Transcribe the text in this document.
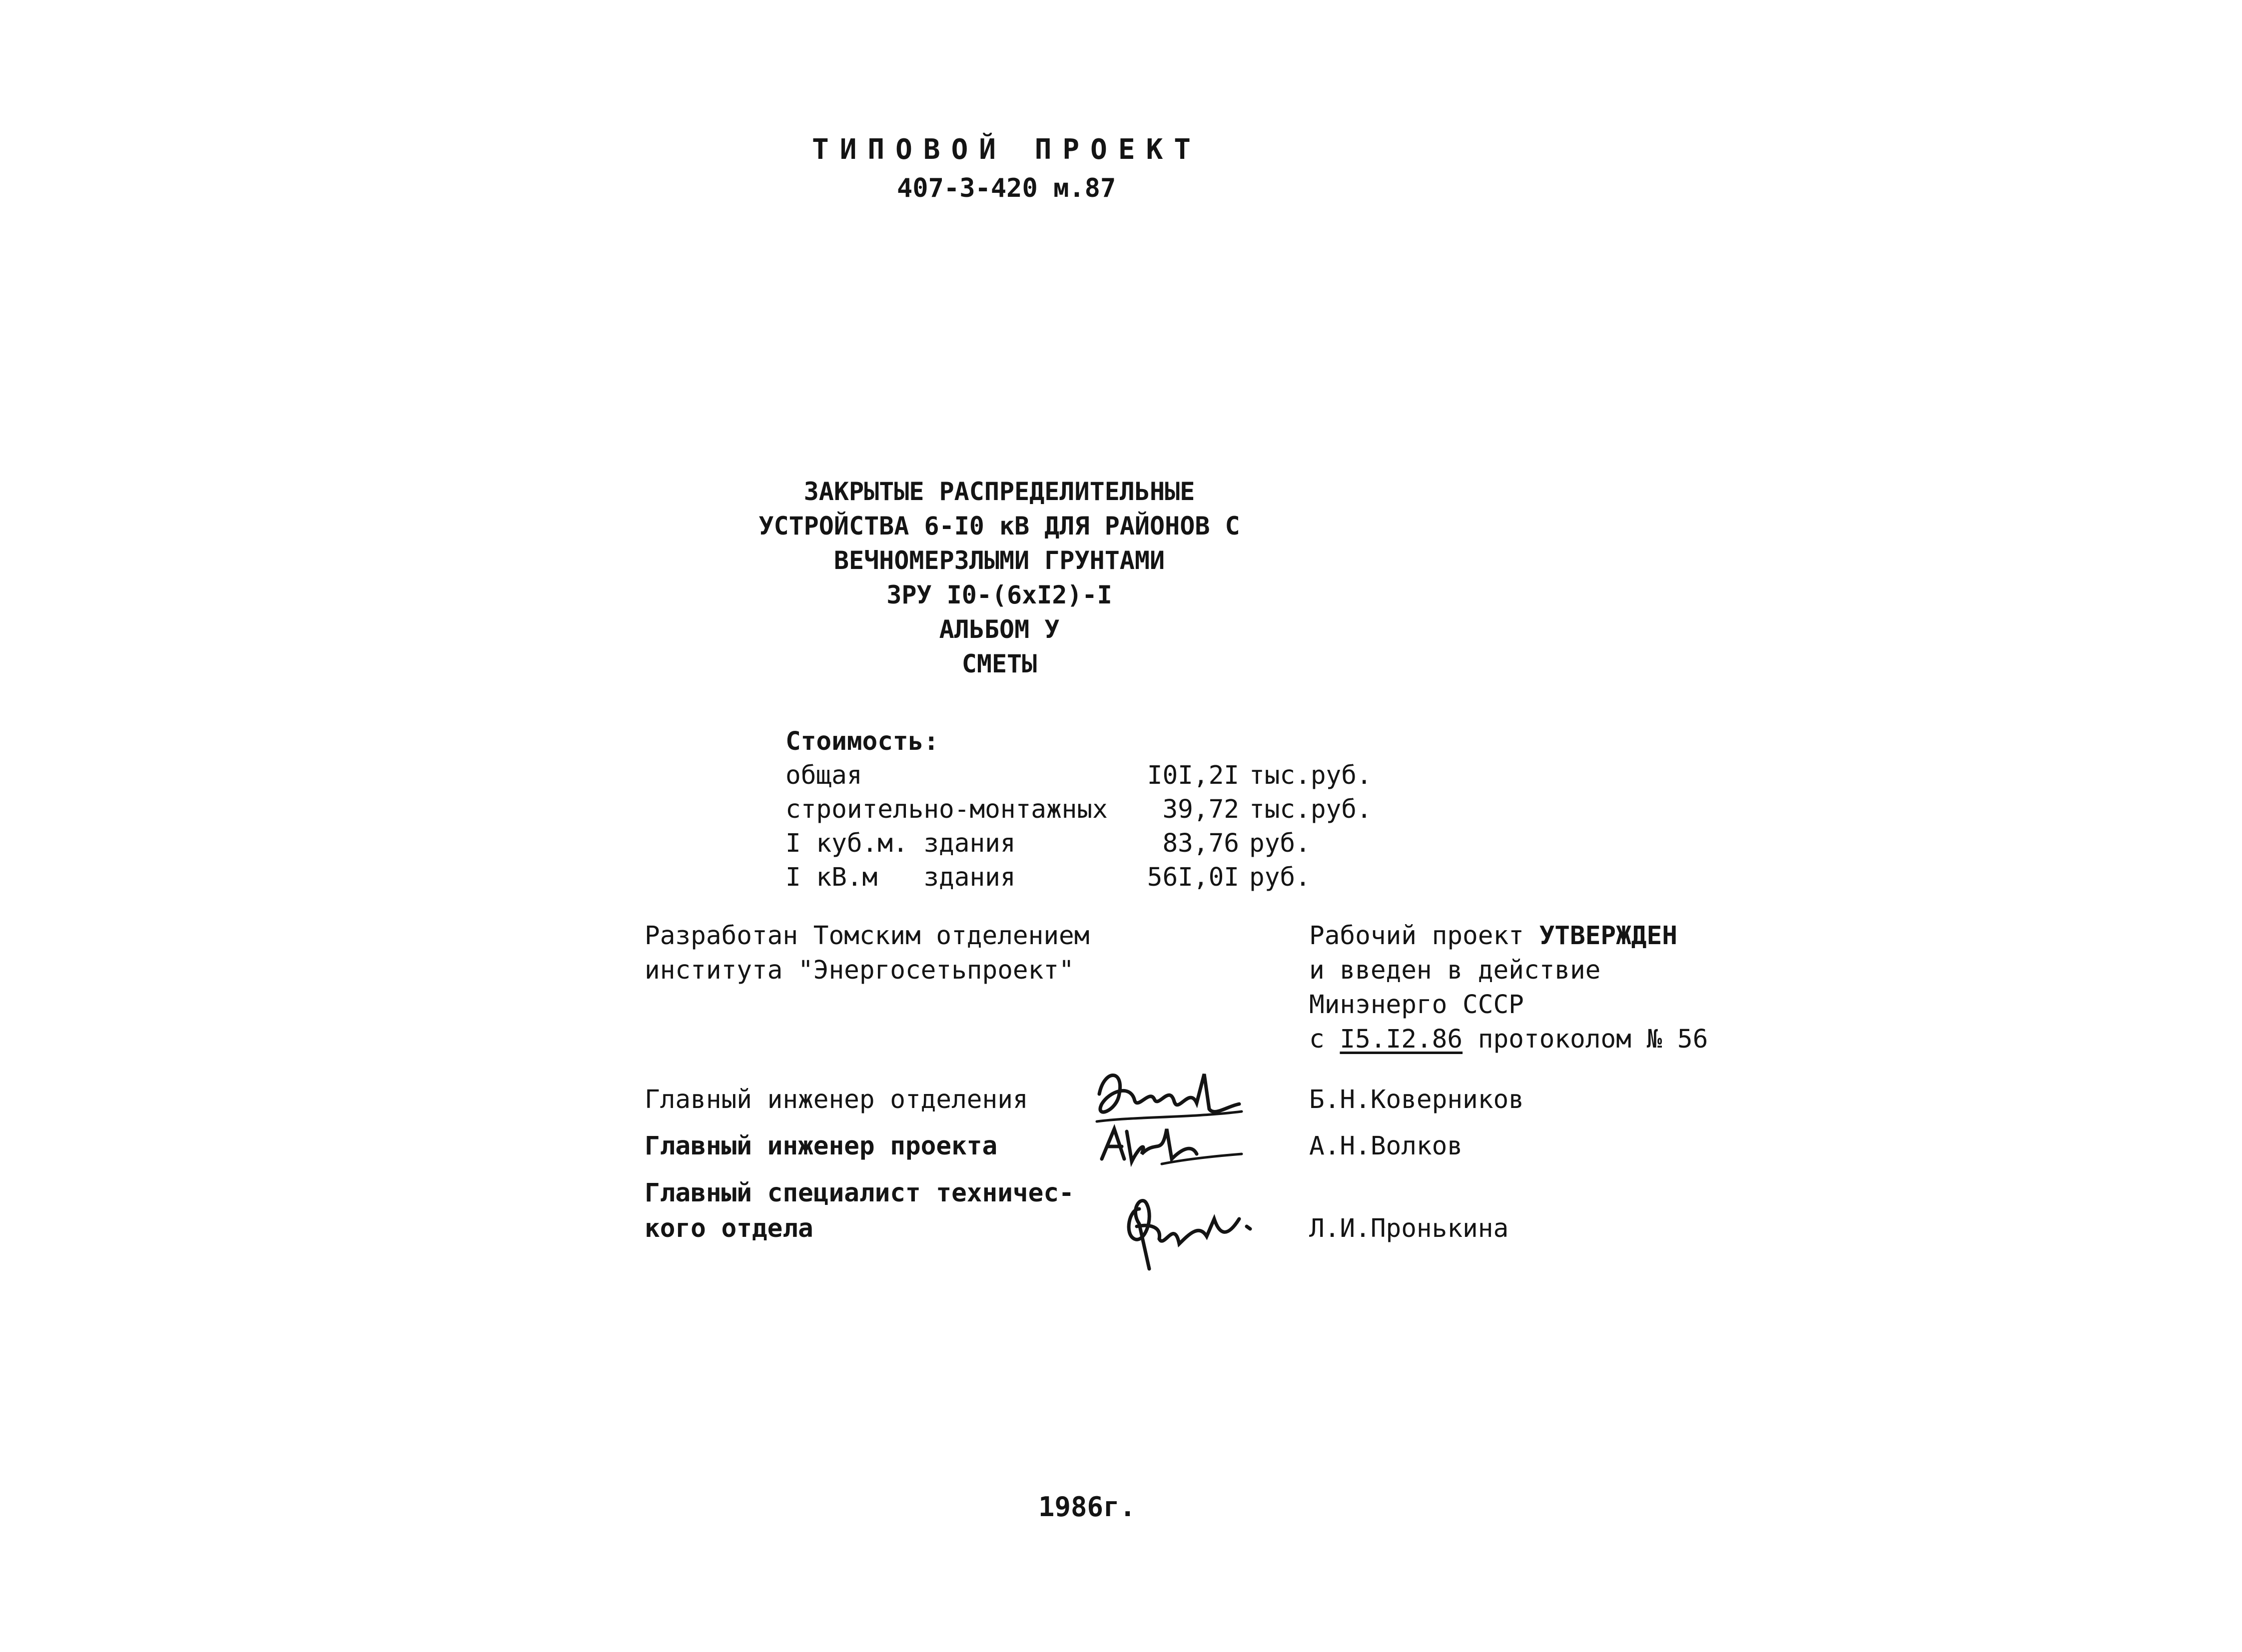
ТИПОВОЙ ПРОЕКТ
407-3-420 м.87
ЗАКРЫТЫЕ РАСПРЕДЕЛИТЕЛЬНЫЕ
УСТРОЙСТВА 6-I0 кВ ДЛЯ РАЙОНОВ С
ВЕЧНОМЕРЗЛЫМИ ГРУНТАМИ
ЗРУ I0-(6хI2)-I
АЛЬБОМ У
СМЕТЫ
Стоимость:
общая	I0I,2I тыс.руб.
строительно-монтажных	39,72 тыс.руб.
I куб.м. здания	83,76 руб.
I кВ.м   здания	56I,0I руб.
Разработан Томским отделением
института "Энергосетьпроект"
Рабочий проект УТВЕРЖДЕН
и введен в действие
Минэнерго СССР
с I5.I2.86 протоколом № 56
Главный инженер отделения	Б.Н.Коверников
Главный инженер проекта	А.Н.Волков
Главный специалист техничес-
кого отдела	Л.И.Пронькина
1986г.
